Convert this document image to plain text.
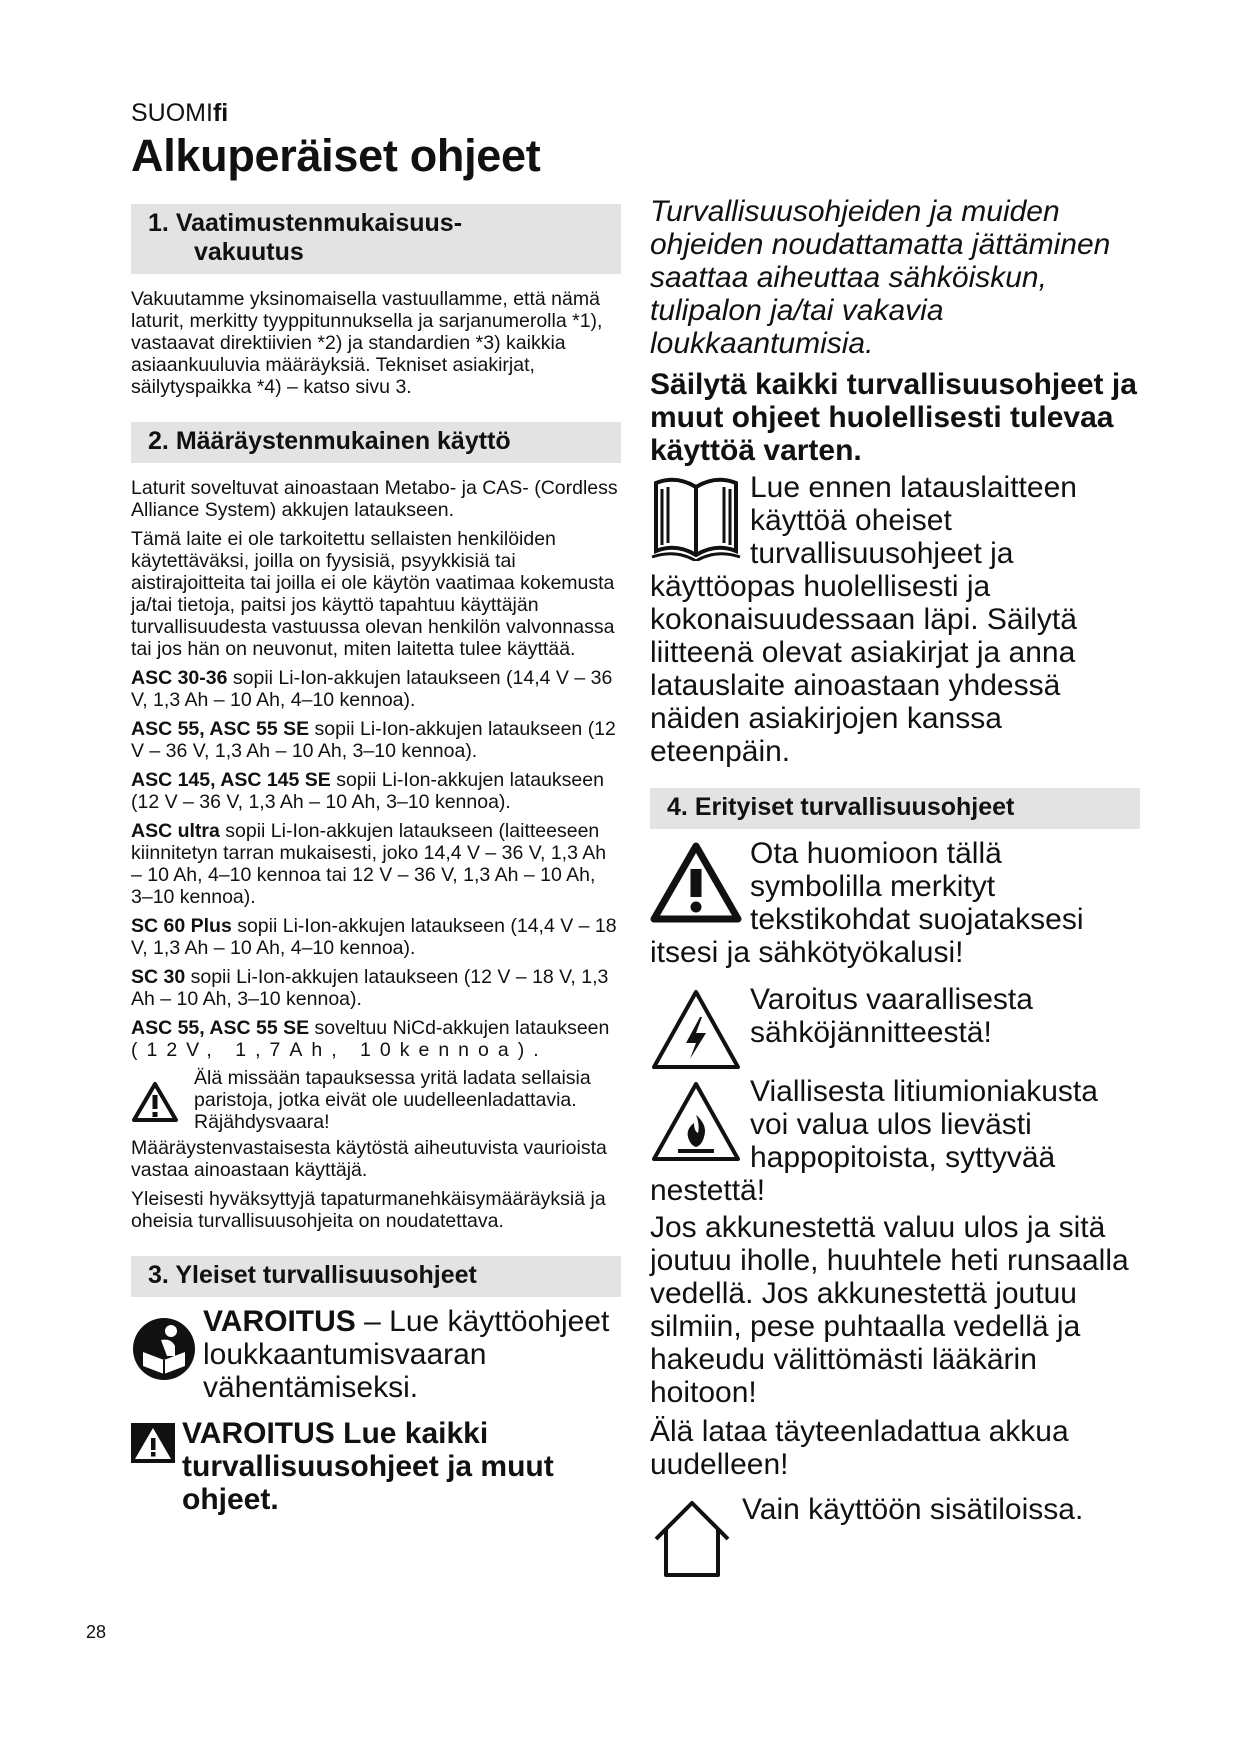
SUOMIfi
Alkuperäiset ohjeet
1. Vaatimustenmukaisuus-
vakuutus

Vakuutamme yksinomaisella vastuullamme, että nämä laturit, merkitty tyyppitunnuksella ja sarjanumerolla *1), vastaavat direktiivien *2) ja standardien *3) kaikkia asiaankuuluvia määräyksiä. Tekniset asiakirjat, säilytyspaikka *4) – katso sivu 3.

2. Määräystenmukainen käyttö

Laturit soveltuvat ainoastaan Metabo- ja CAS- (Cordless Alliance System) akkujen lataukseen.

Tämä laite ei ole tarkoitettu sellaisten henkilöiden käytettäväksi, joilla on fyysisiä, psyykkisiä tai aistirajoitteita tai joilla ei ole käytön vaatimaa kokemusta ja/tai tietoja, paitsi jos käyttö tapahtuu käyttäjän turvallisuudesta vastuussa olevan henkilön valvonnassa tai jos hän on neuvonut, miten laitetta tulee käyttää.

ASC 30-36 sopii Li-Ion-akkujen lataukseen (14,4 V – 36 V, 1,3 Ah – 10 Ah, 4–10 kennoa).

ASC 55, ASC 55 SE sopii Li-Ion-akkujen lataukseen (12 V – 36 V, 1,3 Ah – 10 Ah, 3–10 kennoa).

ASC 145, ASC 145 SE sopii Li-Ion-akkujen lataukseen (12 V – 36 V, 1,3 Ah – 10 Ah, 3–10 kennoa).

ASC ultra sopii Li-Ion-akkujen lataukseen (laitteeseen kiinnitetyn tarran mukaisesti, joko 14,4 V – 36 V, 1,3 Ah – 10 Ah, 4–10 kennoa tai 12 V – 36 V, 1,3 Ah – 10 Ah, 3–10 kennoa).

SC 60 Plus sopii Li-Ion-akkujen lataukseen (14,4 V – 18 V, 1,3 Ah – 10 Ah, 4–10 kennoa).

SC 30 sopii Li-Ion-akkujen lataukseen (12 V – 18 V, 1,3 Ah – 10 Ah, 3–10 kennoa).

ASC 55, ASC 55 SE soveltuu NiCd-akkujen lataukseen
(12V, 1,7Ah, 10kennoa).

Älä missään tapauksessa yritä ladata sellaisia paristoja, jotka eivät ole uudelleenladattavia. Räjähdysvaara!

Määräystenvastaisesta käytöstä aiheutuvista vaurioista vastaa ainoastaan käyttäjä.

Yleisesti hyväksyttyjä tapaturmanehkäisymääräyksiä ja oheisia turvallisuusohjeita on noudatettava.

3. Yleiset turvallisuusohjeet
VAROITUS – Lue käyttöohjeet loukkaantumisvaaran vähentämiseksi.
VAROITUS Lue kaikki turvallisuusohjeet ja muut ohjeet.

Turvallisuusohjeiden ja muiden ohjeiden noudattamatta jättäminen saattaa aiheuttaa sähköiskun, tulipalon ja/tai vakavia loukkaantumisia.

Säilytä kaikki turvallisuusohjeet ja muut ohjeet huolellisesti tulevaa käyttöä varten.

Lue ennen latauslaitteen käyttöä oheiset turvallisuusohjeet ja käyttöopas huolellisesti ja kokonaisuudessaan läpi. Säilytä liitteenä olevat asiakirjat ja anna latauslaite ainoastaan yhdessä näiden asiakirjojen kanssa eteenpäin.
4. Erityiset turvallisuusohjeet
Ota huomioon tällä symbolilla merkityt tekstikohdat suojataksesi itsesi ja sähkötyökalusi!
Varoitus vaarallisesta sähköjännitteestä!
Viallisesta litiumioniakusta voi valua ulos lievästi happopitoista, syttyvää nestettä!

Jos akkunestettä valuu ulos ja sitä joutuu iholle, huuhtele heti runsaalla vedellä. Jos akkunestettä joutuu silmiin, pese puhtaalla vedellä ja hakeudu välittömästi lääkärin hoitoon!

Älä lataa täyteenladattua akkua uudelleen!

Vain käyttöön sisätiloissa.
28
